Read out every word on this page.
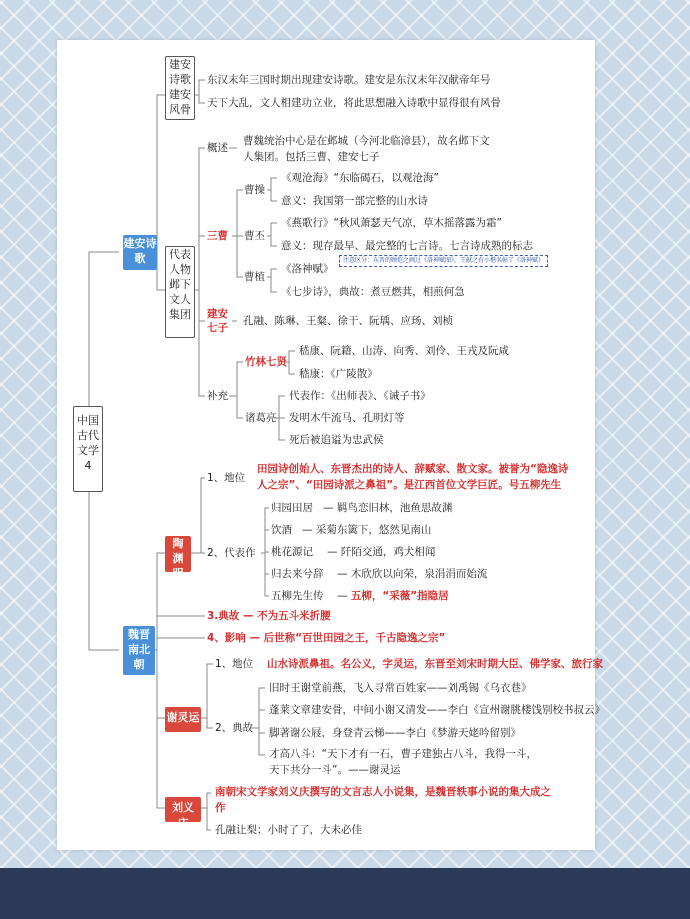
中国古代文学4
建安诗歌
建安诗歌建安风骨
东汉末年三国时期出现建安诗歌。建安是东汉末年汉献帝年号
天下大乱，文人相建功立业，将此思想融入诗歌中显得很有风骨
代表人物邺下文人集团
概述
曹魏统治中心是在邺城（今河北临漳县），故名邺下文
人集团。包括三曹、建安七子
三曹
曹操
《观沧海》“东临碣石，以观沧海”
意义：我国第一部完整的山水诗
曹丕
《燕歌行》“秋风萧瑟天气凉，草木摇落露为霜”
意义：现存最早、最完整的七言诗。七言诗成熟的标志
曹植
《洛神赋》
注意区分：东晋的顾恺之画过《洛神赋图》，王献之有小楷名帖了《洛神赋》
《七步诗》，典故：煮豆燃萁，相煎何急
建安七子
孔融、陈琳、王粲、徐干、阮瑀、应玚、刘桢
补充
竹林七贤
嵇康、阮籍、山涛、向秀、刘伶、王戎及阮咸
嵇康：《广陵散》
诸葛亮
代表作：《出师表》、《诫子书》
发明木牛流马、孔明灯等
死后被追谥为忠武侯
魏晋南北朝
陶渊明
1、地位
田园诗创始人、东晋杰出的诗人、辞赋家、散文家。被誉为“隐逸诗
人之宗”、“田园诗派之鼻祖”。是江西首位文学巨匠。号五柳先生
2、代表作
归园田居 — 羁鸟恋旧林，池鱼思故渊
饮酒 — 采菊东篱下，悠然见南山
桃花源记 — 阡陌交通，鸡犬相闻
归去来兮辞 — 木欣欣以向荣，泉涓涓而始流
五柳先生传 — 五柳，“采薇”指隐居
3.典故 — 不为五斗米折腰
4、影响 — 后世称“百世田园之王，千古隐逸之宗”
谢灵运
1、地位 山水诗派鼻祖。名公义，字灵运，东晋至刘宋时期大臣、佛学家、旅行家
2、典故
旧时王谢堂前燕，飞入寻常百姓家——刘禹锡《乌衣巷》
蓬莱文章建安骨，中间小谢又清发——李白《宣州谢朓楼饯别校书叔云》
脚著谢公屐，身登青云梯——李白《梦游天姥吟留别》
才高八斗：“天下才有一石，曹子建独占八斗，我得一斗，
天下共分一斗”。——谢灵运
刘义庆
南朝宋文学家刘义庆撰写的文言志人小说集，是魏晋轶事小说的集大成之
作
孔融让梨；小时了了，大未必佳
